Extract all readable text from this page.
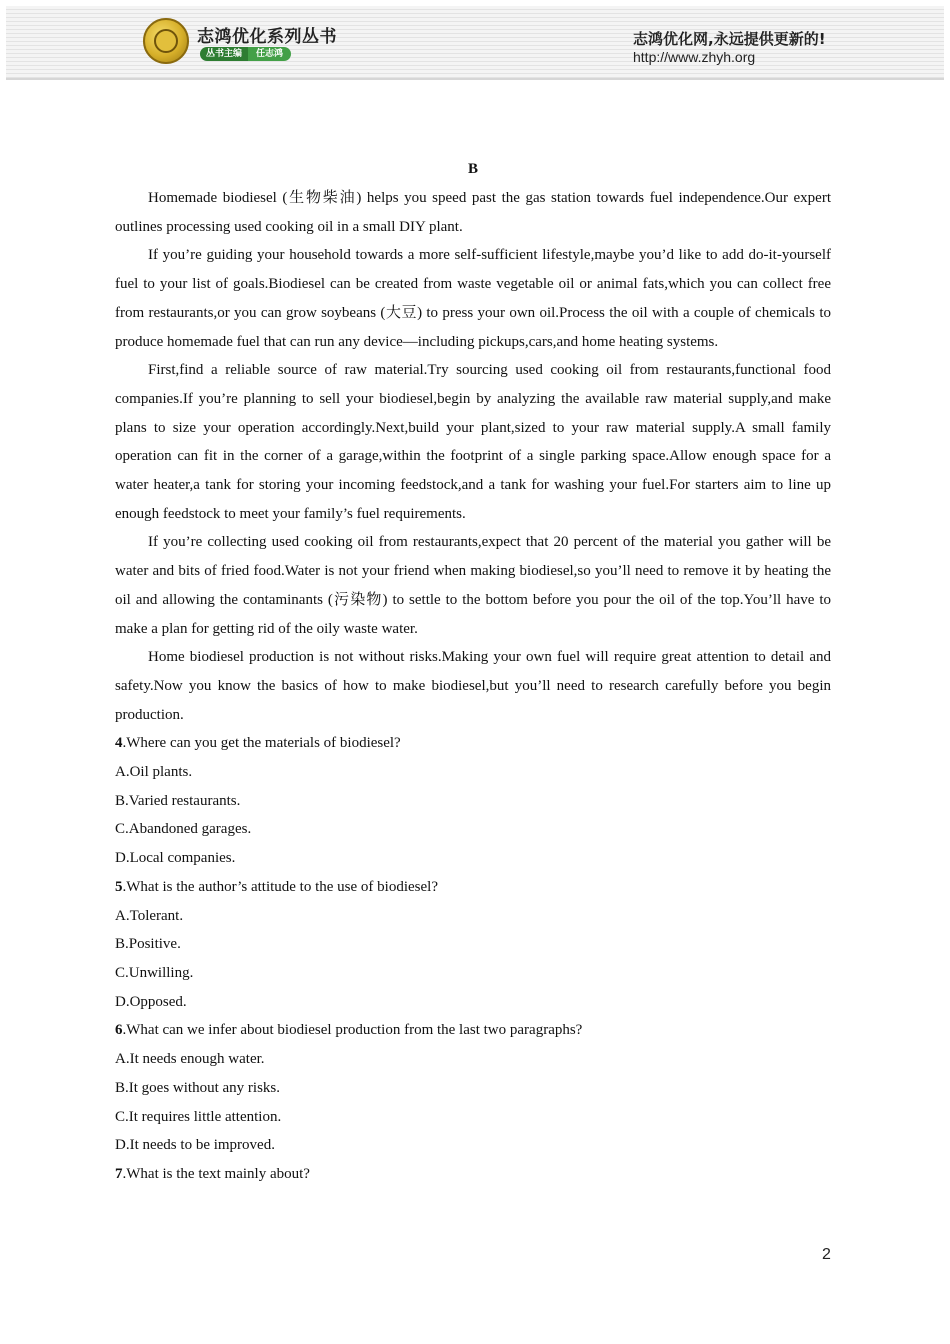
志鸿优化系列丛书
丛书主编	任志鸿
志鸿优化网,永远提供更新的!
http://www.zhyh.org
B

Homemade biodiesel (生物柴油) helps you speed past the gas station towards fuel independence.Our expert outlines processing used cooking oil in a small DIY plant.

If you’re guiding your household towards a more self-sufficient lifestyle,maybe you’d like to add do-it-yourself fuel to your list of goals.Biodiesel can be created from waste vegetable oil or animal fats,which you can collect free from restaurants,or you can grow soybeans (大豆) to press your own oil.Process the oil with a couple of chemicals to produce homemade fuel that can run any device—including pickups,cars,and home heating systems.

First,find a reliable source of raw material.Try sourcing used cooking oil from restaurants,functional food companies.If you’re planning to sell your biodiesel,begin by analyzing the available raw material supply,and make plans to size your operation accordingly.Next,build your plant,sized to your raw material supply.A small family operation can fit in the corner of a garage,within the footprint of a single parking space.Allow enough space for a water heater,a tank for storing your incoming feedstock,and a tank for washing your fuel.For starters aim to line up enough feedstock to meet your family’s fuel requirements.

If you’re collecting used cooking oil from restaurants,expect that 20 percent of the material you gather will be water and bits of fried food.Water is not your friend when making biodiesel,so you’ll need to remove it by heating the oil and allowing the contaminants (污染物) to settle to the bottom before you pour the oil of the top.You’ll have to make a plan for getting rid of the oily waste water.

Home biodiesel production is not without risks.Making your own fuel will require great attention to detail and safety.Now you know the basics of how to make biodiesel,but you’ll need to research carefully before you begin production.

4.Where can you get the materials of biodiesel?

A.Oil plants.

B.Varied restaurants.

C.Abandoned garages.

D.Local companies.

5.What is the author’s attitude to the use of biodiesel?

A.Tolerant.

B.Positive.

C.Unwilling.

D.Opposed.

6.What can we infer about biodiesel production from the last two paragraphs?

A.It needs enough water.

B.It goes without any risks.

C.It requires little attention.

D.It needs to be improved.

7.What is the text mainly about?

2
